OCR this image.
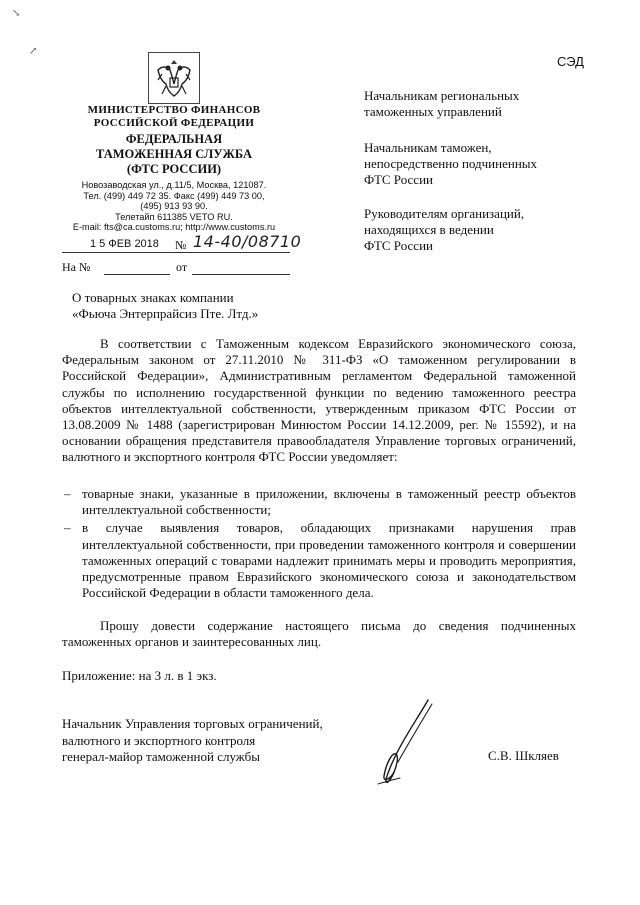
↘
↗
СЭД
МИНИСТЕРСТВО ФИНАНСОВ
РОССИЙСКОЙ ФЕДЕРАЦИИ
ФЕДЕРАЛЬНАЯ
ТАМОЖЕННАЯ СЛУЖБА
(ФТС РОССИИ)
Новозаводская ул., д.11/5, Москва, 121087.
Тел. (499) 449 72 35. Факс (499) 449 73 00,
(495) 913 93 90.
Телетайп 611385 VETO RU.
E-mail: fts@ca.customs.ru; http://www.customs.ru
1 5 ФЕВ 2018 № 14-40/08710
На №	от
Начальникам региональных
таможенных управлений
Начальникам таможен,
непосредственно подчиненных
ФТС России
Руководителям организаций,
находящихся в ведении
ФТС России
О товарных знаках компании
«Фьюча Энтерпрайсиз Пте. Лтд.»
В соответствии с Таможенным кодексом Евразийского экономического союза, Федеральным законом от 27.11.2010 № 311-ФЗ «О таможенном регулировании в Российской Федерации», Административным регламентом Федеральной таможенной службы по исполнению государственной функции по ведению таможенного реестра объектов интеллектуальной собственности, утвержденным приказом ФТС России от 13.08.2009 № 1488 (зарегистрирован Минюстом России 14.12.2009, рег. № 15592), и на основании обращения представителя правообладателя Управление торговых ограничений, валютного и экспортного контроля ФТС России уведомляет:
– товарные знаки, указанные в приложении, включены в таможенный реестр объектов интеллектуальной собственности;
– в случае выявления товаров, обладающих признаками нарушения прав интеллектуальной собственности, при проведении таможенного контроля и совершении таможенных операций с товарами надлежит принимать меры и проводить мероприятия, предусмотренные правом Евразийского экономического союза и законодательством Российской Федерации в области таможенного дела.
Прошу довести содержание настоящего письма до сведения подчиненных таможенных органов и заинтересованных лиц.
Приложение: на 3 л. в 1 экз.
Начальник Управления торговых ограничений,
валютного и экспортного контроля
генерал-майор таможенной службы	С.В. Шкляев
